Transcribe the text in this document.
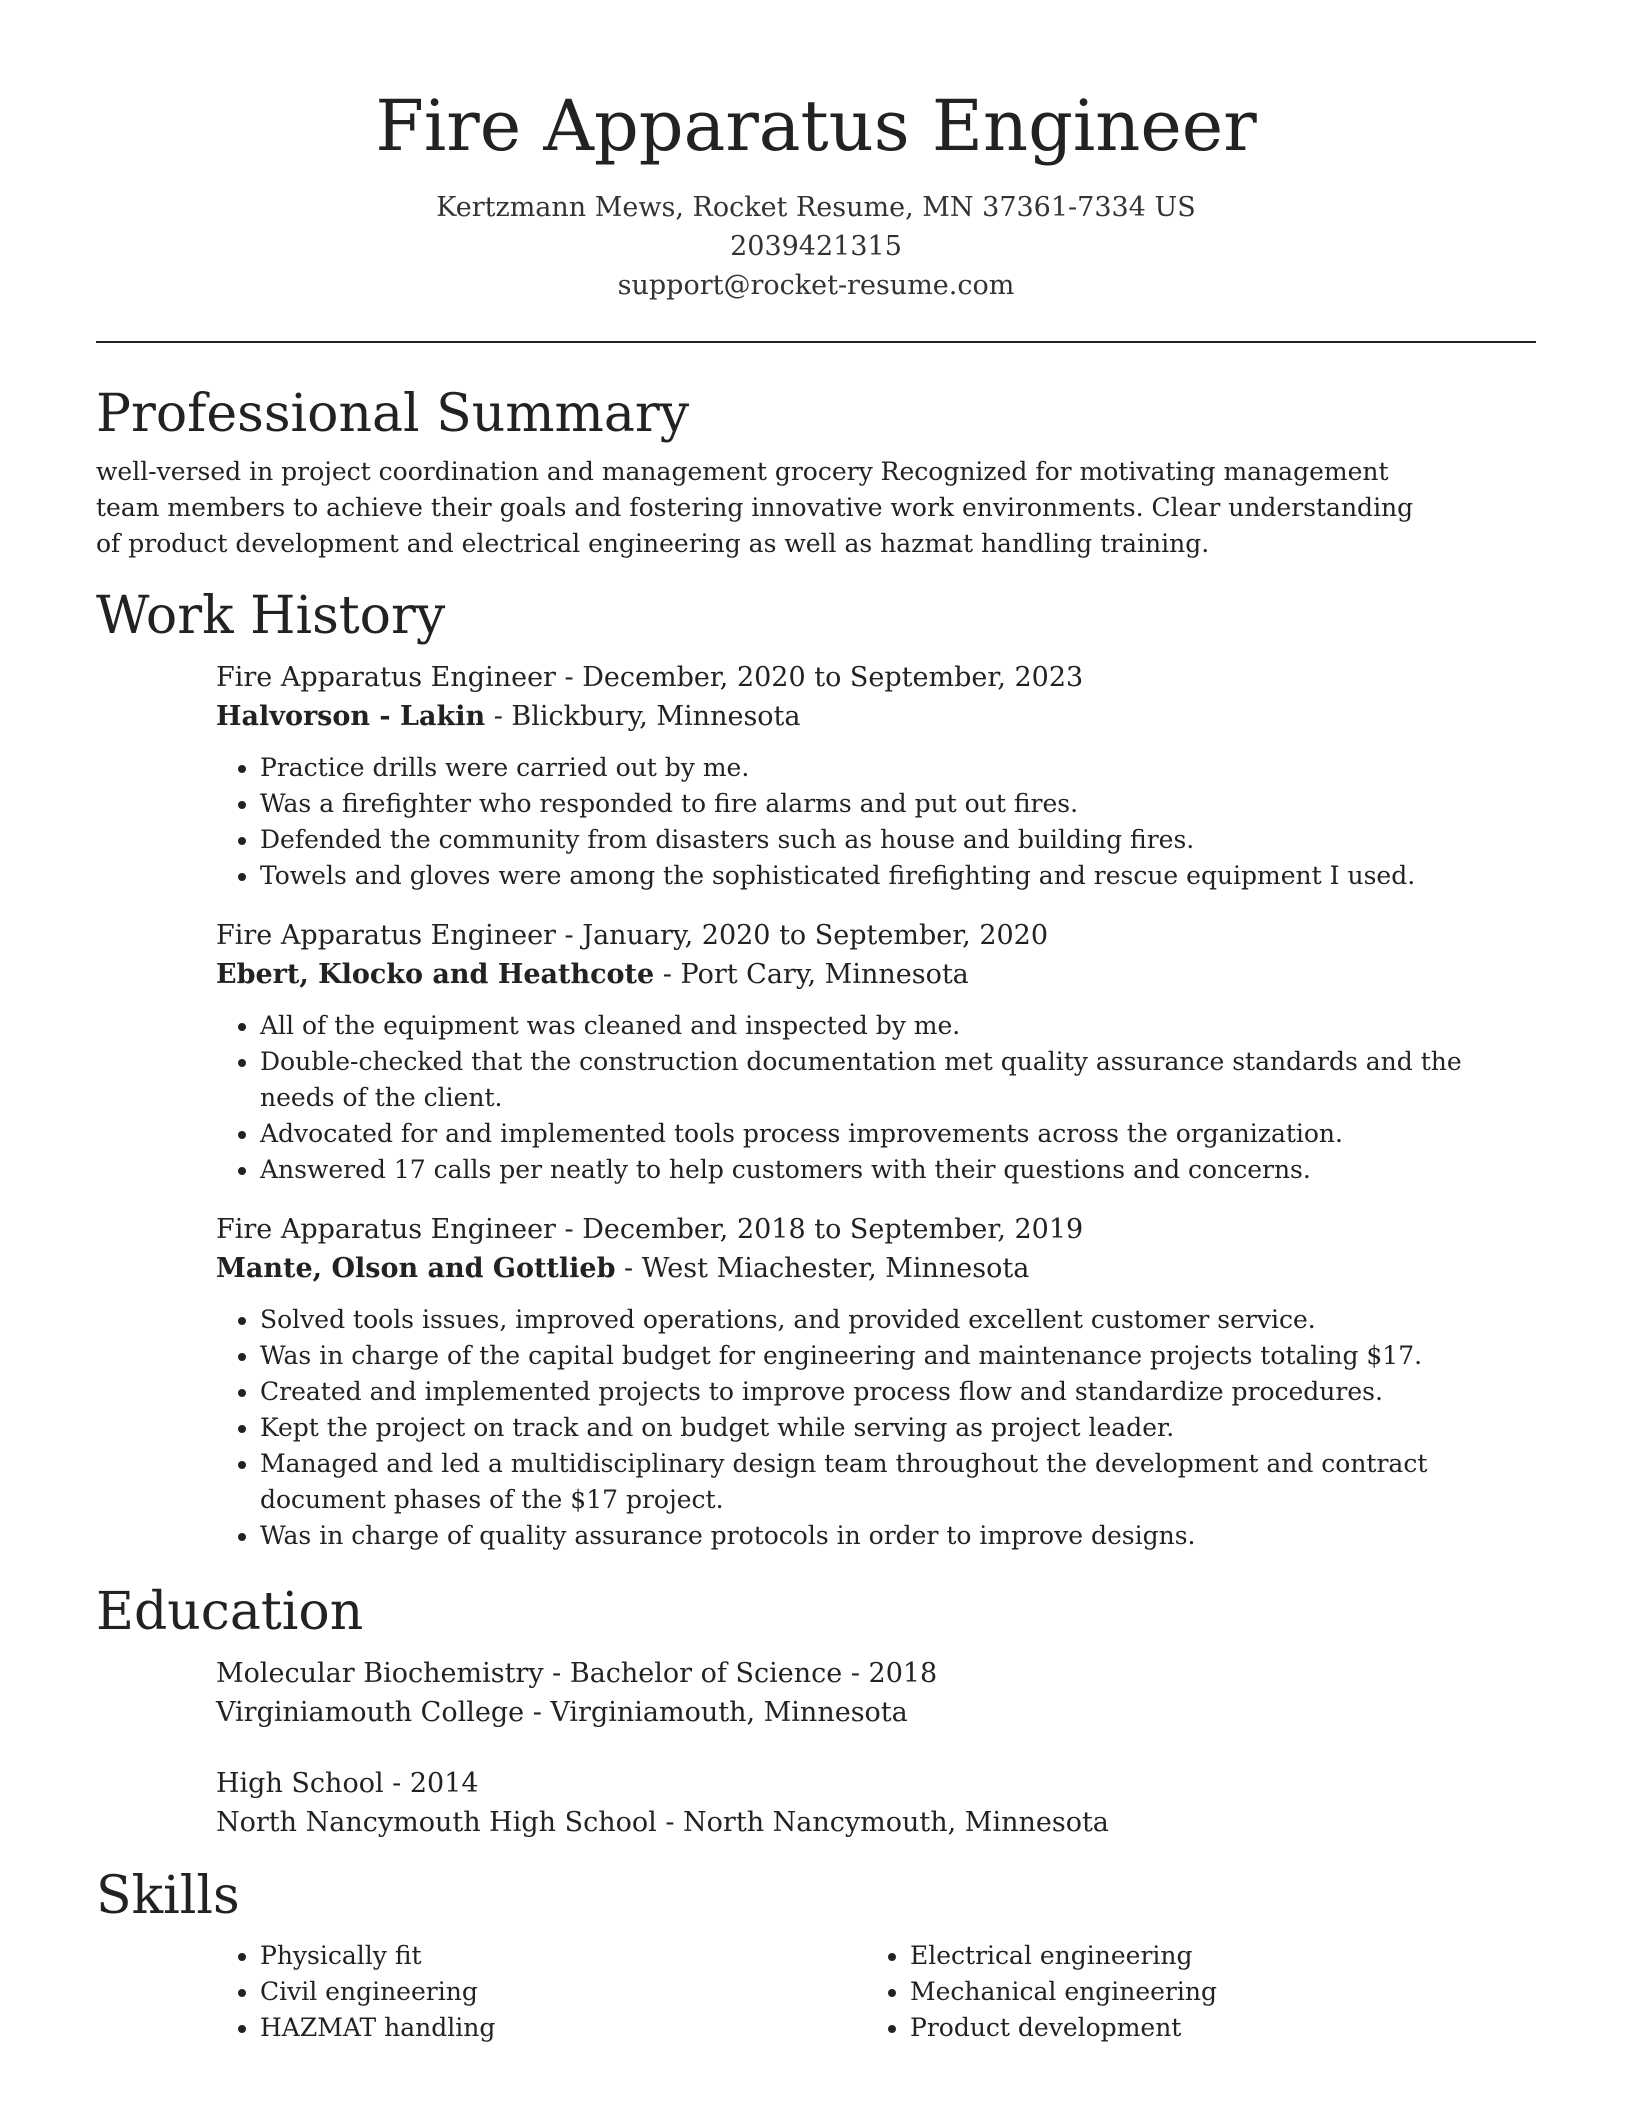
Fire Apparatus Engineer
Kertzmann Mews, Rocket Resume, MN 37361-7334 US
2039421315
support@rocket-resume.com
Professional Summary

well-versed in project coordination and management grocery Recognized for motivating management team members to achieve their goals and fostering innovative work environments. Clear understanding of product development and electrical engineering as well as hazmat handling training.

Work History
Fire Apparatus Engineer - December, 2020 to September, 2023
Halvorson - Lakin - Blickbury, Minnesota
• Practice drills were carried out by me.
• Was a firefighter who responded to fire alarms and put out fires.
• Defended the community from disasters such as house and building fires.
• Towels and gloves were among the sophisticated firefighting and rescue equipment I used.
Fire Apparatus Engineer - January, 2020 to September, 2020
Ebert, Klocko and Heathcote - Port Cary, Minnesota
• All of the equipment was cleaned and inspected by me.
• Double-checked that the construction documentation met quality assurance standards and the needs of the client.
• Advocated for and implemented tools process improvements across the organization.
• Answered 17 calls per neatly to help customers with their questions and concerns.
Fire Apparatus Engineer - December, 2018 to September, 2019
Mante, Olson and Gottlieb - West Miachester, Minnesota
• Solved tools issues, improved operations, and provided excellent customer service.
• Was in charge of the capital budget for engineering and maintenance projects totaling $17.
• Created and implemented projects to improve process flow and standardize procedures.
• Kept the project on track and on budget while serving as project leader.
• Managed and led a multidisciplinary design team throughout the development and contract document phases of the $17 project.
• Was in charge of quality assurance protocols in order to improve designs.
Education
Molecular Biochemistry - Bachelor of Science - 2018
Virginiamouth College - Virginiamouth, Minnesota
High School - 2014
North Nancymouth High School - North Nancymouth, Minnesota
Skills
• Physically fit
• Civil engineering
• HAZMAT handling
• Electrical engineering
• Mechanical engineering
• Product development
